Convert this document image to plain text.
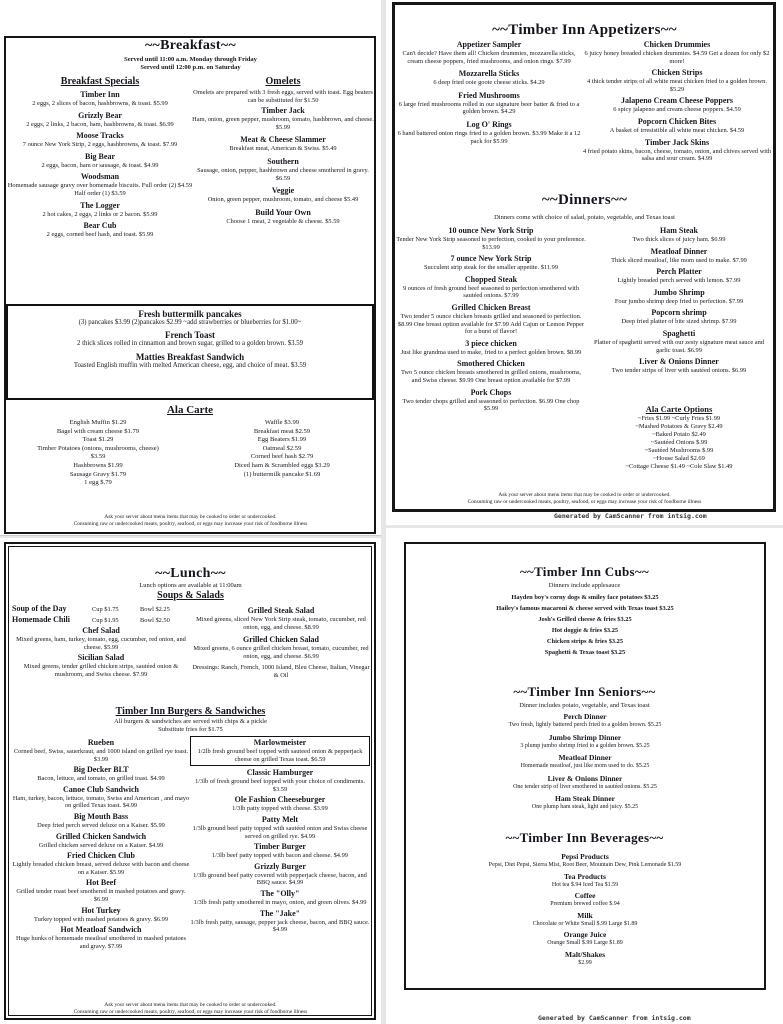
~~Breakfast~~
Served until 11:00 a.m. Monday through Friday
Served until 12:00 p.m. on Saturday
Breakfast Specials
Timber Inn
2 eggs, 2 slices of bacon, hashbrowns, & toast. $5.99
Grizzly Bear
2 eggs, 2 links, 2 bacon, ham, hashbrowns, & toast. $6.99
Moose Tracks
7 ounce New York Strip, 2 eggs, hashbrowns, & toast. $7.99
Big Bear
2 eggs, bacon, ham or sausage, & toast. $4.99
Woodsman
Homemade sausage gravy over homemade biscuits. Full order (2) $4.59 Half order (1) $3.59
The Logger
2 hot cakes, 2 eggs, 2 links or 2 bacon. $5.99
Bear Cub
2 eggs, corned beef hash, and toast. $5.99
Omelets
Omelets are prepared with 3 fresh eggs, served with toast. Egg beaters can be substituted for $1.50
Timber Jack
Ham, onion, green pepper, mushroom, tomato, hashbrown, and cheese. $5.99
Meat & Cheese Slammer
Breakfast meat, American & Swiss. $5.49
Southern
Sausage, onion, pepper, hashbrown and cheese smothered in gravy. $6.59
Veggie
Onion, green pepper, mushroom, tomato, and cheese $5.49
Build Your Own
Choose 1 meat, 2 vegetable & cheese. $5.59
Fresh buttermilk pancakes
(3) pancakes $3.99 (2)pancakes $2.99 ~add strawberries or blueberries for $1.00~
French Toast
2 thick slices rolled in cinnamon and brown sugar, grilled to a golden brown. $3.59
Matties Breakfast Sandwich
Toasted English muffin with melted American cheese, egg, and choice of meat. $3.59
Ala Carte
English Muffin $1.29
Bagel with cream cheese $1.79
Toast $1.29
Timber Potatoes (onions, mushrooms, cheese)
$3.59
Hashbrowns $1.99
Sausage Gravy $1.79
1 egg $.79
Waffle $3.99
Breakfast meat $2.59
Egg Beaters $1.99
Oatmeal $2.59
Corned beef hash $2.79
Diced ham & Scrambled eggs $3.29
(1) buttermilk pancake $1.69
Ask your server about menu items that may be cooked to order or undercooked.
Consuming raw or undercooked meats, poultry, seafood, or eggs may increase your risk of foodborne illness
~~Timber Inn Appetizers~~
Appetizer Sampler
Can't decide? Have them all! Chicken drummies, mozzarella sticks, cream cheese poppers, fried mushrooms, and onion rings. $7.99
Mozzarella Sticks
6 deep fried ooie gooie cheese sticks. $4.29
Fried Mushrooms
6 large fried mushrooms rolled in our signature beer batter & fried to a golden brown. $4.29
Log O' Rings
6 hand battered onion rings fried to a golden brown. $3.99 Make it a 12 pack for $5.99
Chicken Drummies
6 juicy honey breaded chicken drummies. $4.59 Get a dozen for only $2 more!
Chicken Strips
4 thick tender strips of all white meat chicken fried to a golden brown. $5.29
Jalapeno Cream Cheese Poppers
6 spicy jalapeno and cream cheese poppers. $4.59
Popcorn Chicken Bites
A basket of irresistible all white meat chicken. $4.59
Timber Jack Skins
4 fried potato skins, bacon, cheese, tomato, onion, and chives served with salsa and sour cream. $4.99
~~Dinners~~
Dinners come with choice of salad, potato, vegetable, and Texas toast
10 ounce New York Strip
Tender New York Strip seasoned to perfection, cooked to your preference. $13.99
7 ounce New York Strip
Succulent strip steak for the smaller appetite. $11.99
Chopped Steak
9 ounces of fresh ground beef seasoned to perfection smothered with sautéed onions. $7.99
Grilled Chicken Breast
Two tender 5 ounce chicken breasts grilled and seasoned to perfection. $8.99 One breast option available for $7.99 Add Cajun or Lemon Pepper for a burst of flavor!
3 piece chicken
Just like grandma used to make, fried to a perfect golden brown. $8.99
Smothered Chicken
Two 5 ounce chicken breasts smothered in grilled onions, mushrooms, and Swiss cheese. $9.99 One breast option available for $7.99
Pork Chops
Two tender chops grilled and seasoned to perfection. $6.99 One chop $5.99
Ham Steak
Two thick slices of juicy ham. $6.99
Meatloaf Dinner
Thick sliced meatloaf, like mom used to make. $7.99
Perch Platter
Lightly breaded perch served with lemon. $7.99
Jumbo Shrimp
Four jumbo shrimp deep fried to perfection. $7.99
Popcorn shrimp
Deep fried platter of bite sized shrimp. $7.99
Spaghetti
Platter of spaghetti served with our zesty signature meat sauce and garlic toast. $6.99
Liver & Onions Dinner
Two tender strips of liver with sautéed onions. $6.99
Ala Carte Options
~Fries $1.99 ~Curly Fries $1.99
~Mashed Potatoes & Gravy $2.49
~Baked Potato $2.49
~Sautéed Onions $.99
~Sautéed Mushrooms $.99
~House Salad $2.69
~Cottage Cheese $1.49 ~Cole Slaw $1.49
Ask your server about menu items that may be cooked to order or undercooked.
Consuming raw or undercooked meats, poultry, seafood, or eggs may increase your risk of foodborne illness
Generated by CamScanner from intsig.com
~~Lunch~~
Lunch options are available at 11:00am
Soups & Salads
Soup of the Day	Cup $1.75	Bowl $2.25
Homemade Chili	Cup $1.95	Bowl $2.50
Chef Salad
Mixed greens, ham, turkey, tomato, egg, cucumber, red onion, and cheese. $5.99
Sicilian Salad
Mixed greens, tender grilled chicken strips, sautéed onion & mushroom, and Swiss cheese. $7.99
Grilled Steak Salad
Mixed greens, sliced New York Strip steak, tomato, cucumber, red onion, egg, and cheese. $8.99
Grilled Chicken Salad
Mixed greens, 6 ounce grilled chicken breast, tomato, cucumber, red onion, egg, and cheese. $6.99
Dressings: Ranch, French, 1000 Island, Bleu Cheese, Italian, Vinegar & Oil
Timber Inn Burgers & Sandwiches
All burgers & sandwiches are served with chips & a pickle
Substitute fries for $1.75
Rueben
Corned beef, Swiss, sauerkraut, and 1000 island on grilled rye toast. $3.99
Big Decker BLT
Bacon, lettuce, and tomato, on grilled toast. $4.99
Canoe Club Sandwich
Ham, turkey, bacon, lettuce, tomato, Swiss and American , and mayo on grilled Texas toast. $4.99
Big Mouth Bass
Deep fried perch served deluxe on a Kaiser. $5.99
Grilled Chicken Sandwich
Grilled chicken served deluxe on a Kaiser. $4.99
Fried Chicken Club
Lightly breaded chicken breast, served deluxe with bacon and cheese on a Kaiser. $5.99
Hot Beef
Grilled tender roast beef smothered in mashed potatoes and gravy. $6.99
Hot Turkey
Turkey topped with mashed potatoes & gravy. $6.99
Hot Meatloaf Sandwich
Huge hunks of homemade meatloaf smothered in mashed potatoes and gravy. $7.99
Marlowmeister
1/2lb fresh ground beef topped with sauteed onion & pepperjack cheese on grilled Texas toast. $6.59
Classic Hamburger
1/3lb of fresh ground beef topped with your choice of condiments. $3.59
Ole Fashion Cheeseburger
1/3lb patty topped with cheese. $3.99
Patty Melt
1/3lb ground beef patty topped with sautéed onion and Swiss cheese served on grilled rye. $4.99
Timber Burger
1/3lb beef patty topped with bacon and cheese. $4.99
Grizzly Burger
1/3lb ground beef patty covered with pepperjack cheese, bacon, and BBQ sauce. $4.99
The "Olly"
1/3lb fresh patty smothered in mayo, onion, and green olives. $4.99
The "Jake"
1/3lb fresh patty, sausage, pepper jack cheese, bacon, and BBQ sauce. $4.99
Ask your server about menu items that may be cooked to order or undercooked.
Consuming raw or undercooked meats, poultry, seafood, or eggs may increase your risk of foodborne illness
~~Timber Inn Cubs~~
Dinners include applesauce
Hayden boy's corny dogs & smiley face potatoes $3.25
Hailey's famous macaroni & cheese served with Texas toast $3.25
Josh's Grilled cheese & fries $3.25
Hot doggie & fries $3.25
Chicken strips & fries $3.25
Spaghetti & Texas toast $3.25
~~Timber Inn Seniors~~
Dinner includes potato, vegetable, and Texas toast
Perch Dinner
Two fresh, lightly battered perch fried to a golden brown. $5.25
Jumbo Shrimp Dinner
3 plump jumbo shrimp fried to a golden brown. $5.25
Meatloaf Dinner
Homemade meatloaf, just like mom used to do. $5.25
Liver & Onions Dinner
One tender strip of liver smothered in sautéed onions. $5.25
Ham Steak Dinner
One plump ham steak, light and juicy. $5.25
~~Timber Inn Beverages~~
Pepsi Products
Pepsi, Diet Pepsi, Sierra Mist, Root Beer, Mountain Dew, Pink Lemonade $1.59
Tea Products
Hot tea $.94 Iced Tea $1.59
Coffee
Premium brewed coffee $.94
Milk
Chocolate or White Small $.99 Large $1.89
Orange Juice
Orange Small $.99 Large $1.89
Malt/Shakes
$2.99
Generated by CamScanner from intsig.com
